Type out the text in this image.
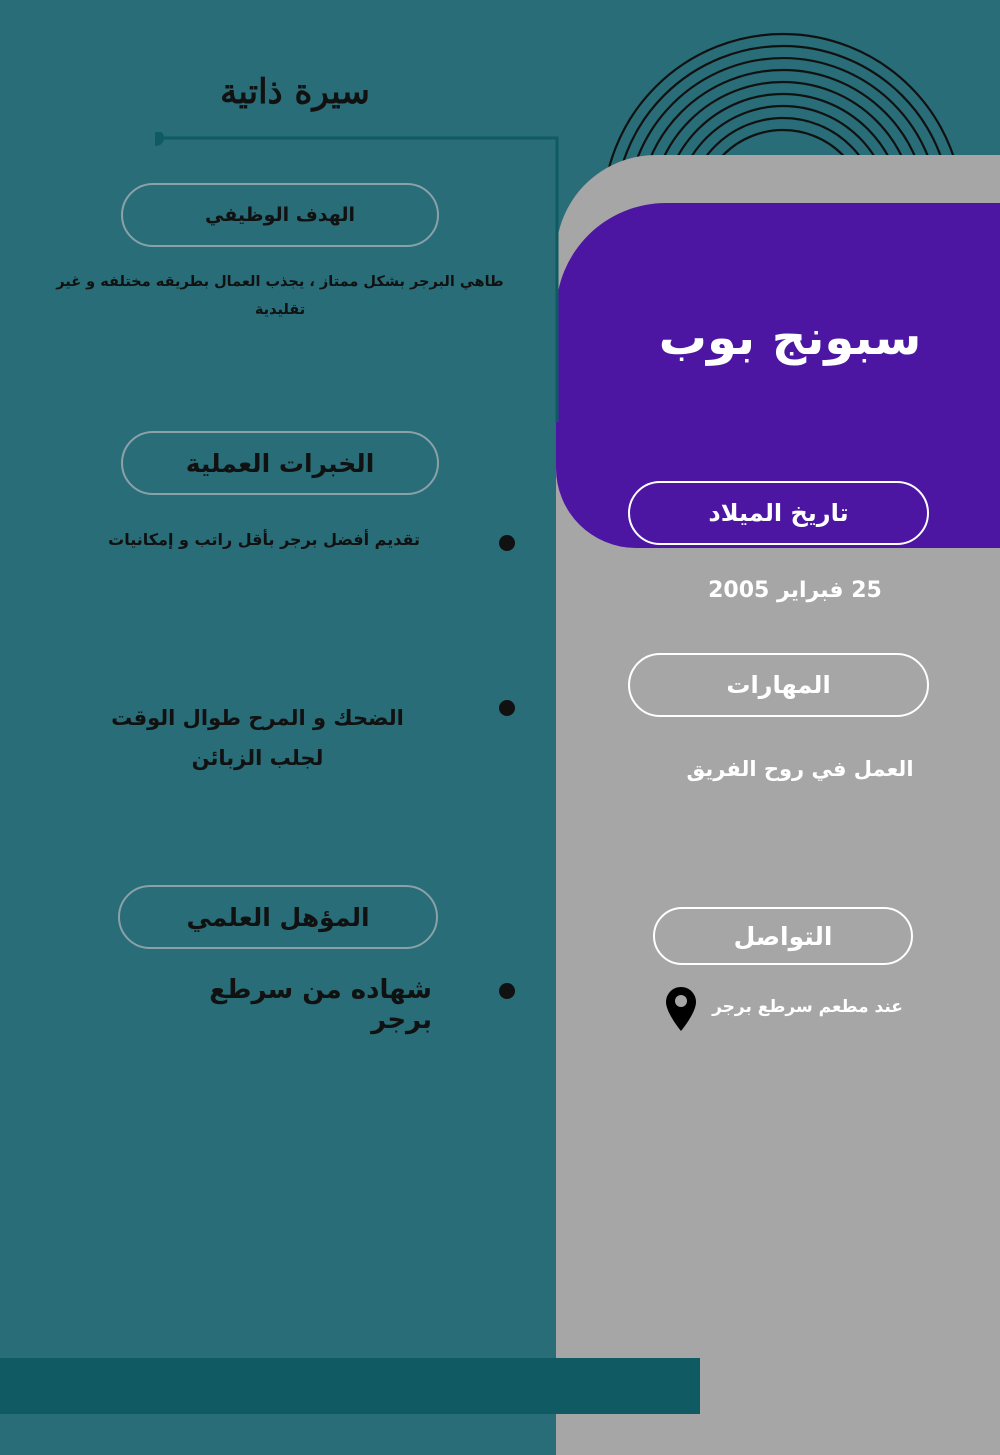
سيرة ذاتية
الهدف الوظيفي
طاهي البرجر بشكل ممتاز ، يجذب العمال بطريقه مختلفه و غير تقليدية
الخبرات العملية
تقديم أفضل برجر بأقل راتب و إمكانيات
الضحك و المرح طوال الوقت لجلب الزبائن
المؤهل العلمي
شهاده من سرطع برجر
سبونج بوب
تاريخ الميلاد
25 فبراير 2005
المهارات
العمل في روح الفريق
التواصل
عند مطعم سرطع برجر
